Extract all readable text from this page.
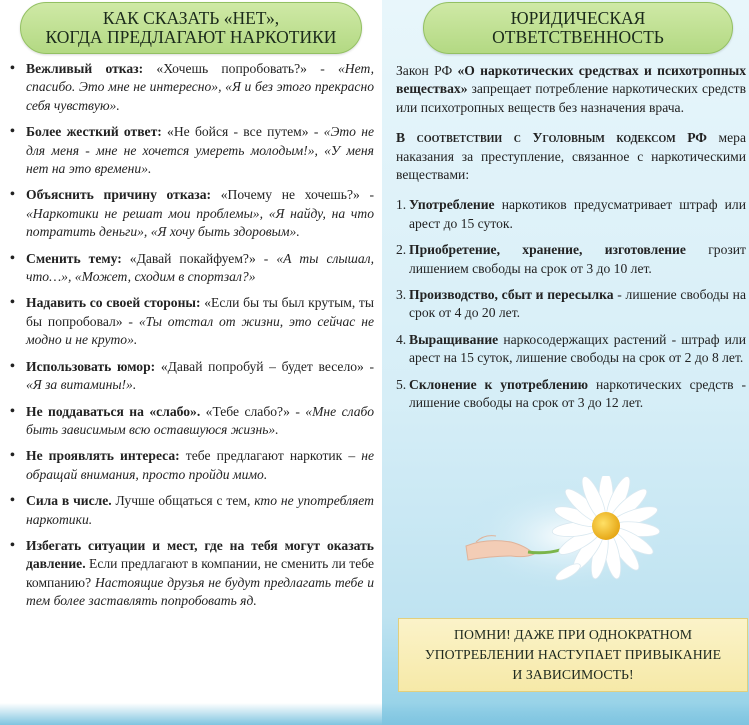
КАК СКАЗАТЬ «НЕТ»,
КОГДА ПРЕДЛАГАЮТ НАРКОТИКИ
ЮРИДИЧЕСКАЯ
ОТВЕТСТВЕННОСТЬ
• Вежливый отказ: «Хочешь попробовать?» - «Нет, спасибо. Это мне не интересно», «Я и без этого прекрасно себя чувствую».
• Более жесткий ответ: «Не бойся - все путем» - «Это не для меня - мне не хочется умереть молодым!», «У меня нет на это времени».
• Объяснить причину отказа: «Почему не хочешь?» - «Наркотики не решат мои проблемы», «Я найду, на что потратить деньги», «Я хочу быть здоровым».
• Сменить тему: «Давай покайфуем?» - «А ты слышал, что…», «Может, сходим в спортзал?»
• Надавить со своей стороны: «Если бы ты был крутым, ты бы попробовал» - «Ты отстал от жизни, это сейчас не модно и не круто».
• Использовать юмор: «Давай попробуй – будет весело» - «Я за витамины!».
• Не поддаваться на «слабо». «Тебе слабо?» - «Мне слабо быть зависимым всю оставшуюся жизнь».
• Не проявлять интереса: тебе предлагают наркотик – не обращай внимания, просто пройди мимо.
• Сила в числе. Лучше общаться с тем, кто не употребляет наркотики.
• Избегать ситуации и мест, где на тебя могут оказать давление. Если предлагают в компании, не сменить ли тебе компанию? Настоящие друзья не будут предлагать тебе и тем более заставлять попробовать яд.

Закон РФ «О наркотических средствах и психотропных веществах» запрещает потребление наркотических средств или психотропных веществ без назначения врача.

В соответствии с Уголовным кодексом РФ мера наказания за преступление, связанное с наркотическими веществами:

1. Употребление наркотиков предусматривает штраф или арест до 15 суток.
2. Приобретение, хранение, изготовление грозит лишением свободы на срок от 3 до 10 лет.
3. Производство, сбыт и пересылка - лишение свободы на срок от 4 до 20 лет.
4. Выращивание наркосодержащих растений - штраф или арест на 15 суток, лишение свободы на срок от 2 до 8 лет.
5. Склонение к употреблению наркотических средств - лишение свободы на срок от 3 до 12 лет.
ПОМНИ! ДАЖЕ ПРИ ОДНОКРАТНОМ
УПОТРЕБЛЕНИИ НАСТУПАЕТ ПРИВЫКАНИЕ
И ЗАВИСИМОСТЬ!
